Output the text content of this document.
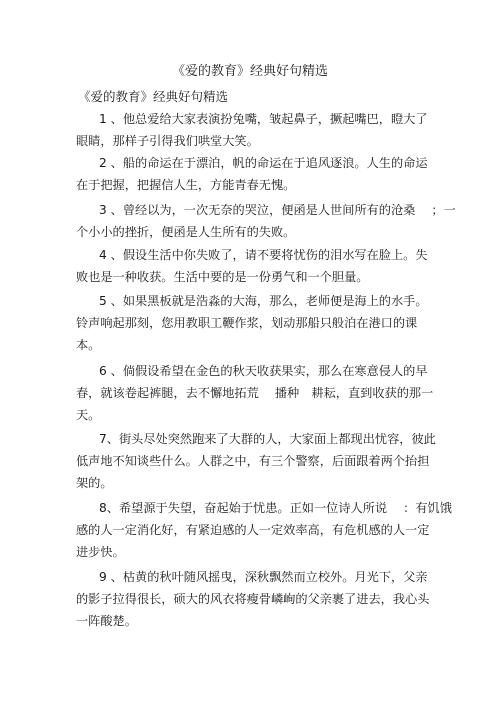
《爱的教育》经典好句精选
《爱的教育》经典好句精选
1 、他总爱给大家表演扮兔嘴，皱起鼻子，撅起嘴巴，瞪大了
眼睛，那样子引得我们哄堂大笑。
2 、船的命运在于漂泊，帆的命运在于追风逐浪。人生的命运
在于把握，把握信人生，方能青春无愧。
3 、曾经以为，一次无奈的哭泣，便函是人世间所有的沧桑　 ；一
个小小的挫折，便函是人生所有的失败。
4 、假设生活中你失败了，请不要将忧伤的泪水写在脸上。失
败也是一种收获。生活中要的是一份勇气和一个胆量。
5 、如果黑板就是浩淼的大海，那么，老师便是海上的水手。
铃声响起那刻，您用教职工鞭作浆，划动那船只般泊在港口的课
本。
6 、倘假设希望在金色的秋天收获果实，那么在寒意侵人的早
春，就该卷起裤腿，去不懈地拓荒　 播种　耕耘，直到收获的那一
天。
7、街头尽处突然跑来了大群的人，大家面上都现出忧容，彼此
低声地不知谈些什么。人群之中，有三个警察，后面跟着两个抬担
架的。
8、希望源于失望，奋起始于忧患。正如一位诗人所说　 ：有饥饿
感的人一定消化好，有紧迫感的人一定效率高，有危机感的人一定
进步快。
9 、枯黄的秋叶随风摇曳，深秋飘然而立校外。月光下，父亲
的影子拉得很长，硕大的风衣将瘦骨嶙峋的父亲裹了进去，我心头
一阵酸楚。
